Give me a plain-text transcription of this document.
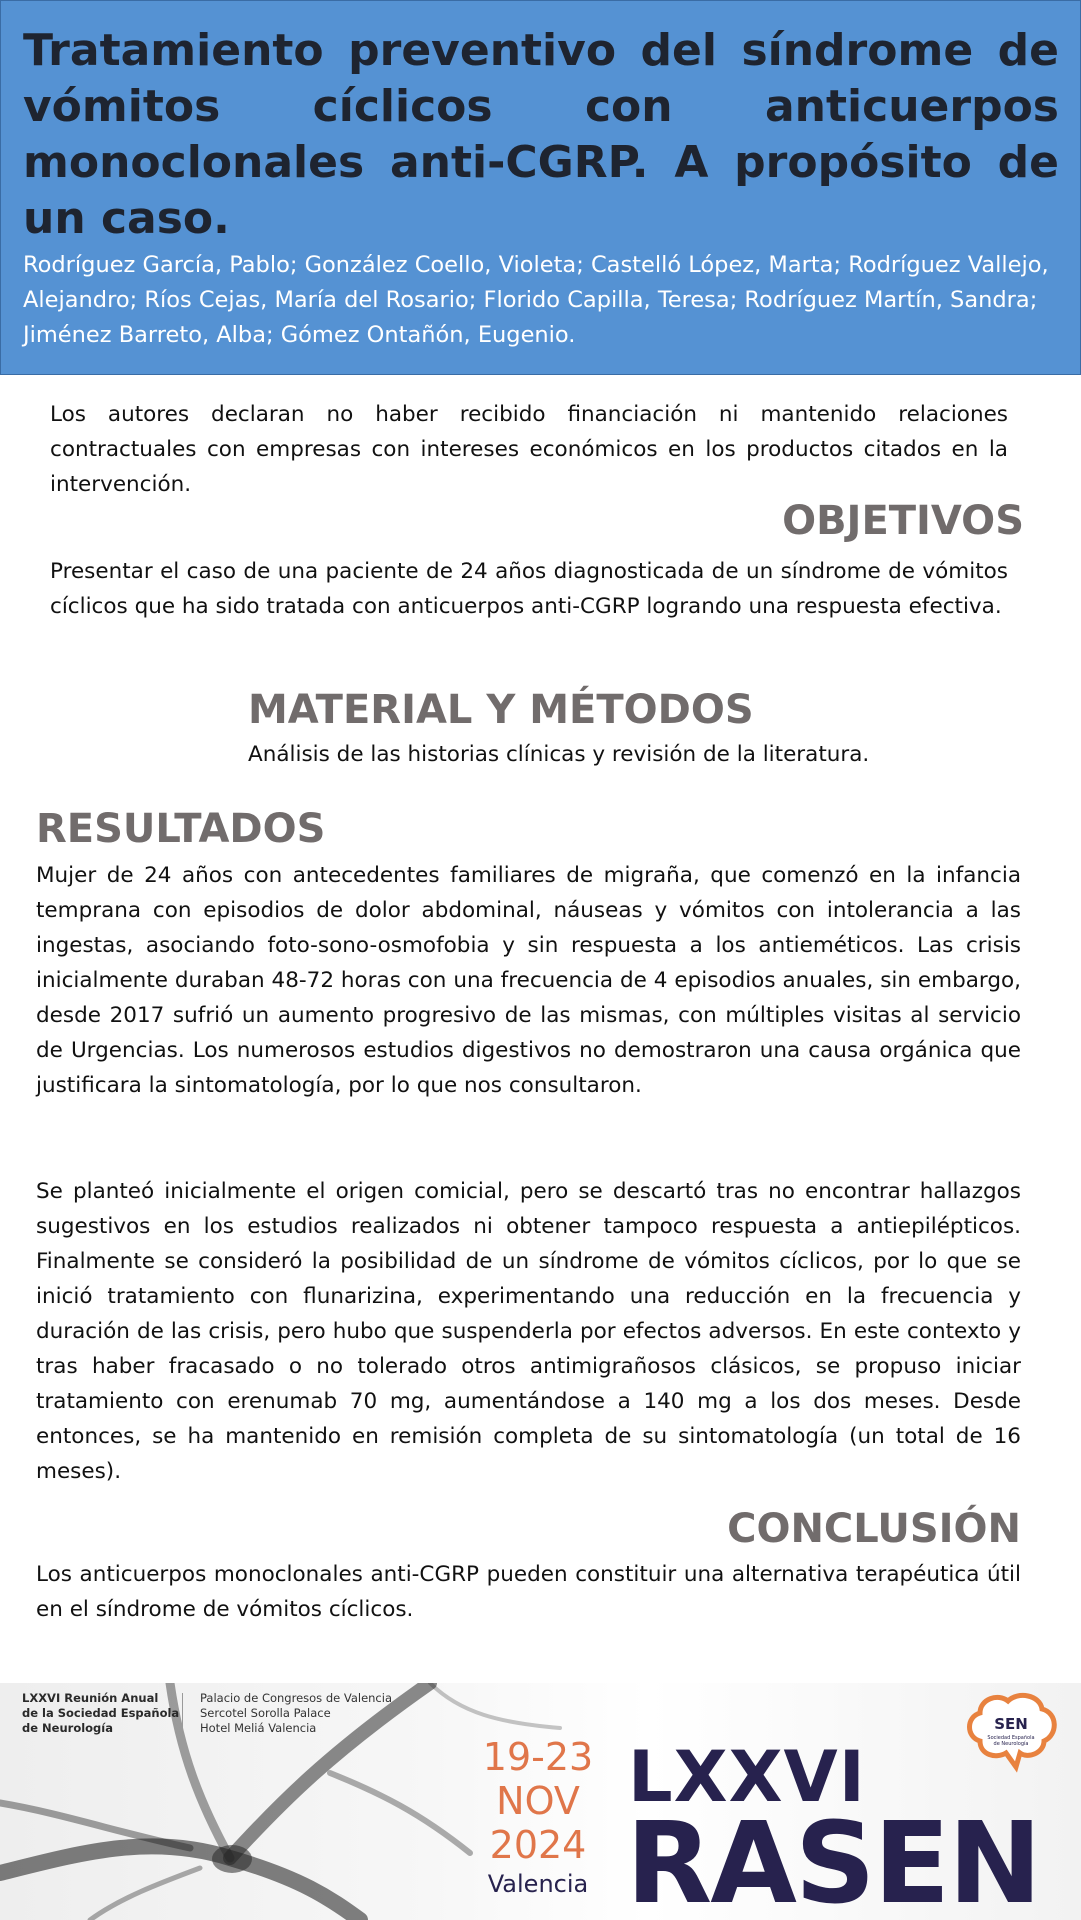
Tratamiento preventivo del síndrome de vómitos cíclicos con anticuerpos monoclonales anti-CGRP. A propósito de un caso.

Rodríguez García, Pablo; González Coello, Violeta; Castelló López, Marta; Rodríguez Vallejo, Alejandro; Ríos Cejas, María del Rosario; Florido Capilla, Teresa; Rodríguez Martín, Sandra; Jiménez Barreto, Alba; Gómez Ontañón, Eugenio.

Los autores declaran no haber recibido financiación ni mantenido relaciones contractuales con empresas con intereses económicos en los productos citados en la intervención.

OBJETIVOS

Presentar el caso de una paciente de 24 años diagnosticada de un síndrome de vómitos cíclicos que ha sido tratada con anticuerpos anti-CGRP logrando una respuesta efectiva.

MATERIAL Y MÉTODOS

Análisis de las historias clínicas y revisión de la literatura.

RESULTADOS

Mujer de 24 años con antecedentes familiares de migraña, que comenzó en la infancia temprana con episodios de dolor abdominal, náuseas y vómitos con intolerancia a las ingestas, asociando foto-sono-osmofobia y sin respuesta a los antieméticos. Las crisis inicialmente duraban 48-72 horas con una frecuencia de 4 episodios anuales, sin embargo, desde 2017 sufrió un aumento progresivo de las mismas, con múltiples visitas al servicio de Urgencias. Los numerosos estudios digestivos no demostraron una causa orgánica que justificara la sintomatología, por lo que nos consultaron.

Se planteó inicialmente el origen comicial, pero se descartó tras no encontrar hallazgos sugestivos en los estudios realizados ni obtener tampoco respuesta a antiepilépticos. Finalmente se consideró la posibilidad de un síndrome de vómitos cíclicos, por lo que se inició tratamiento con flunarizina, experimentando una reducción en la frecuencia y duración de las crisis, pero hubo que suspenderla por efectos adversos. En este contexto y tras haber fracasado o no tolerado otros antimigrañosos clásicos, se propuso iniciar tratamiento con erenumab 70 mg, aumentándose a 140 mg a los dos meses. Desde entonces, se ha mantenido en remisión completa de su sintomatología (un total de 16 meses).

CONCLUSIÓN

Los anticuerpos monoclonales anti-CGRP pueden constituir una alternativa terapéutica útil en el síndrome de vómitos cíclicos.

LXXVI Reunión Anual
de la Sociedad Española
de Neurología
Palacio de Congresos de Valencia
Sercotel Sorolla Palace
Hotel Meliá Valencia
19-23
NOV
2024
Valencia
LXXVI
RASEN
SEN
Sociedad Española
de Neurología
